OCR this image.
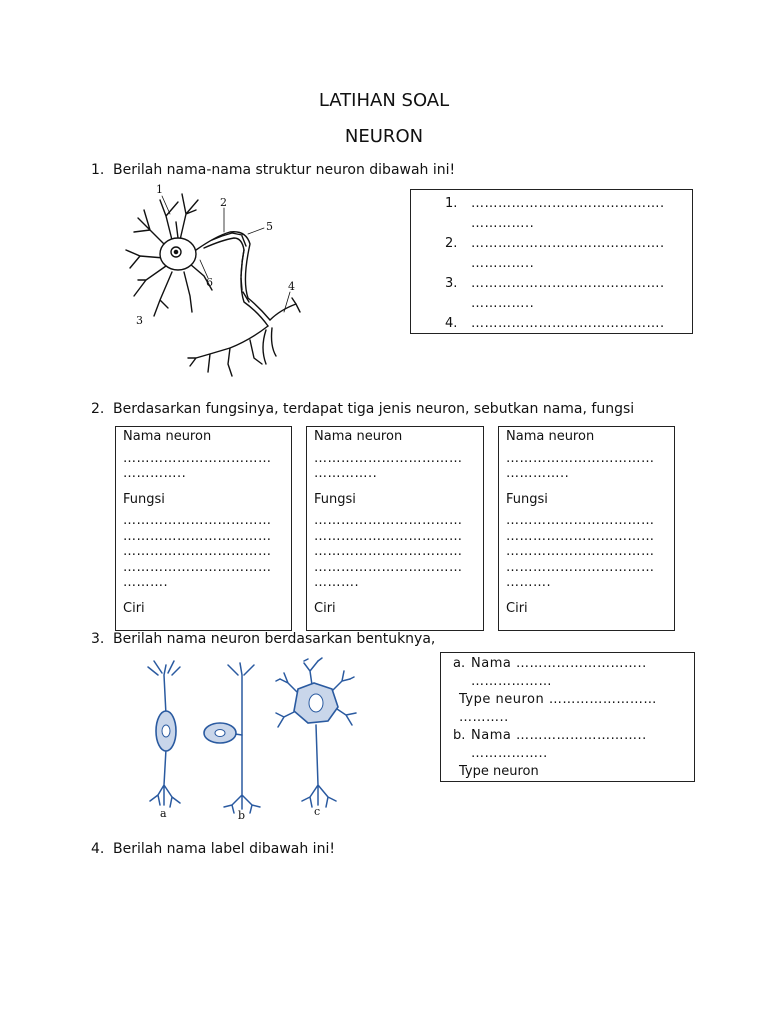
LATIHAN SOAL
NEURON
1. Berilah nama-nama struktur neuron dibawah ini!
1
2
3
4
5
6
1. …………………………………….
…………..
2. …………………………………….
…………..
3. …………………………………….
…………..
4. …………………………………….
2. Berdasarkan fungsinya, terdapat tiga jenis neuron, sebutkan nama, fungsi
Nama neuron
……………………………
…………..
Fungsi
……………………………
……………………………
……………………………
……………………………
……….
Ciri
Nama neuron
……………………………
…………..
Fungsi
……………………………
……………………………
……………………………
……………………………
……….
Ciri
Nama neuron
……………………………
…………..
Fungsi
……………………………
……………………………
……………………………
……………………………
……….
Ciri
3. Berilah nama neuron berdasarkan bentuknya,
a	b	c
a. Nama ………………………..
………………
Type neuron ……………………
………..
b. Nama ………………………..
……………..
Type neuron
4. Berilah nama label dibawah ini!
